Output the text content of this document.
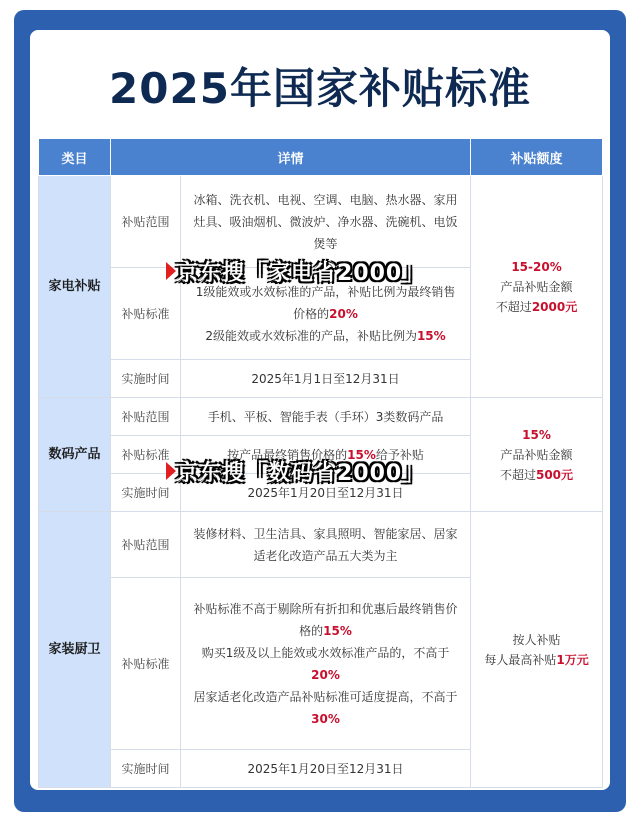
2025年国家补贴标准
类目	详情		补贴额度
家电补贴	补贴范围	冰箱、洗衣机、电视、空调、电脑、热水器、家用灶具、吸油烟机、微波炉、净水器、洗碗机、电饭煲等	15-20%
产品补贴金额
不超过2000元

	补贴标准	1级能效或水效标准的产品，补贴比例为最终销售价格的20%
2级能效或水效标准的产品，补贴比例为15%	

	实施时间	2025年1月1日至12月31日	
数码产品	补贴范围	手机、平板、智能手表（手环）3类数码产品	15%
产品补贴金额
不超过500元

	补贴标准	按产品最终销售价格的15%给予补贴	
	实施时间	2025年1月20日至12月31日	
家装厨卫	补贴范围	装修材料、卫生洁具、家具照明、智能家居、居家适老化改造产品五大类为主	按人补贴
每人最高补贴1万元

	补贴标准	补贴标准不高于剔除所有折扣和优惠后最终销售价格的15%
购买1级及以上能效或水效标准产品的，不高于20%
居家适老化改造产品补贴标准可适度提高，不高于30%	

	实施时间	2025年1月20日至12月31日	
京东搜「家电省2000」
京东搜「数码省2000」
